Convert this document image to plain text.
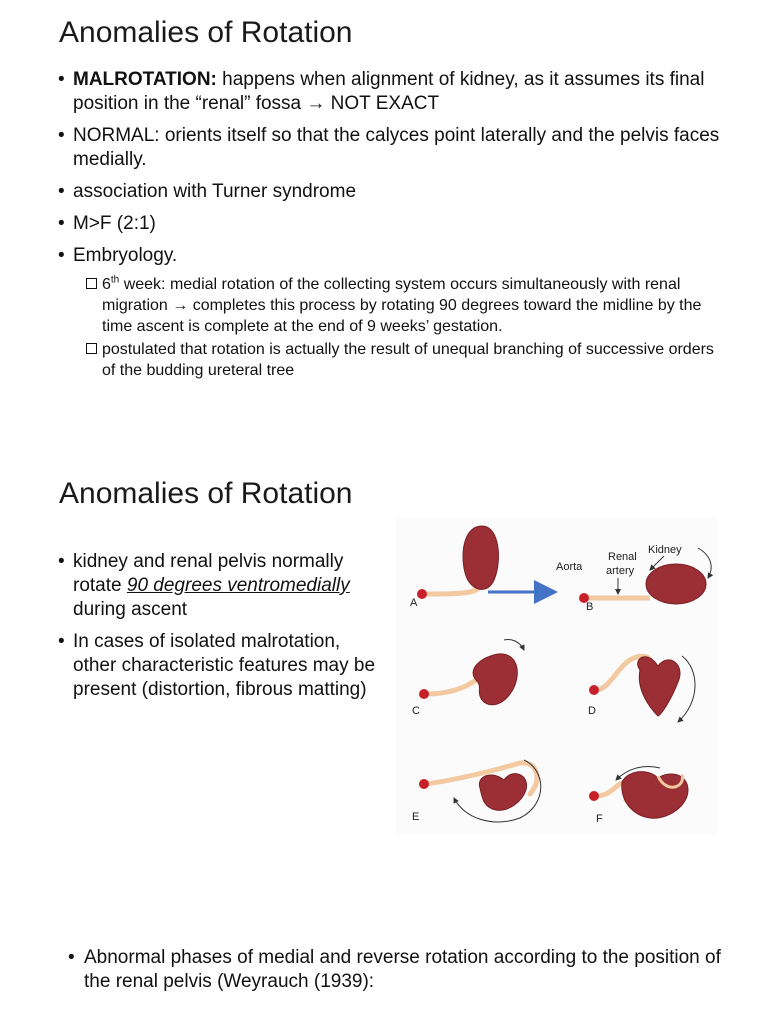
Anomalies of Rotation
• MALROTATION: happens when alignment of kidney, as it assumes its final position in the “renal” fossa → NOT EXACT
• NORMAL: orients itself so that the calyces point laterally and the pelvis faces medially.
• association with Turner syndrome
• M>F (2:1)
• Embryology.
6th week: medial rotation of the collecting system occurs simultaneously with renal migration → completes this process by rotating 90 degrees toward the midline by the time ascent is complete at the end of 9 weeks’ gestation.
postulated that rotation is actually the result of unequal branching of successive orders of the budding ureteral tree
Anomalies of Rotation
• kidney and renal pelvis normally rotate 90 degrees ventromedially during ascent
• In cases of isolated malrotation, other characteristic features may be present (distortion, fibrous matting)
A
Aorta
Renal
artery
Kidney
B
C	D
E	F
• Abnormal phases of medial and reverse rotation according to the position of the renal pelvis (Weyrauch (1939):
